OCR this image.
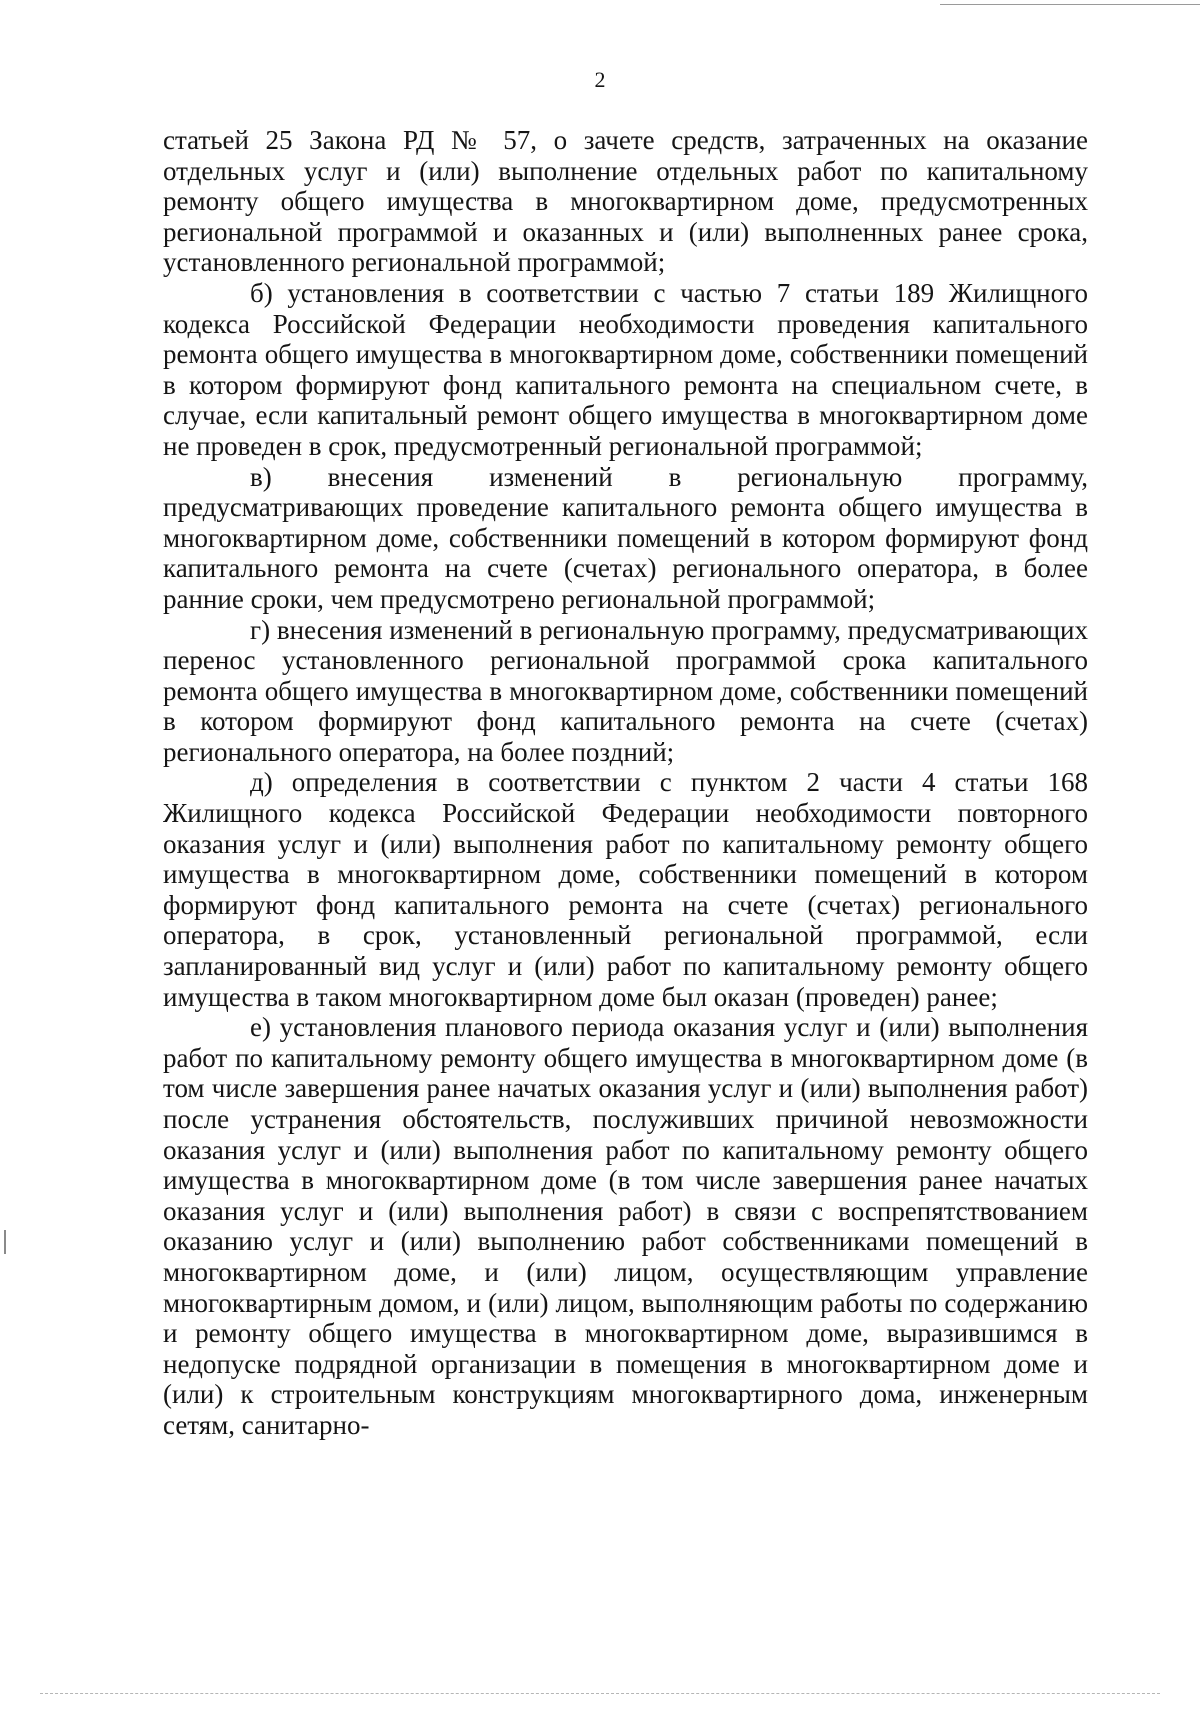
2

статьей 25 Закона РД № 57, о зачете средств, затраченных на оказание отдельных услуг и (или) выполнение отдельных работ по капитальному ремонту общего имущества в многоквартирном доме, предусмотренных региональной программой и оказанных и (или) выполненных ранее срока, установленного региональной программой;

б) установления в соответствии с частью 7 статьи 189 Жилищного кодекса Российской Федерации необходимости проведения капитального ремонта общего имущества в многоквартирном доме, собственники помещений в котором формируют фонд капитального ремонта на специальном счете, в случае, если капитальный ремонт общего имущества в многоквартирном доме не проведен в срок, предусмотренный региональной программой;

в) внесения изменений в региональную программу, предусматривающих проведение капитального ремонта общего имущества в многоквартирном доме, собственники помещений в котором формируют фонд капитального ремонта на счете (счетах) регионального оператора, в более ранние сроки, чем предусмотрено региональной программой;

г) внесения изменений в региональную программу, предусматривающих перенос установленного региональной программой срока капитального ремонта общего имущества в многоквартирном доме, собственники помещений в котором формируют фонд капитального ремонта на счете (счетах) регионального оператора, на более поздний;

д) определения в соответствии с пунктом 2 части 4 статьи 168 Жилищного кодекса Российской Федерации необходимости повторного оказания услуг и (или) выполнения работ по капитальному ремонту общего имущества в многоквартирном доме, собственники помещений в котором формируют фонд капитального ремонта на счете (счетах) регионального оператора, в срок, установленный региональной программой, если запланированный вид услуг и (или) работ по капитальному ремонту общего имущества в таком многоквартирном доме был оказан (проведен) ранее;

е) установления планового периода оказания услуг и (или) выполнения работ по капитальному ремонту общего имущества в многоквартирном доме (в том числе завершения ранее начатых оказания услуг и (или) выполнения работ) после устранения обстоятельств, послуживших причиной невозможности оказания услуг и (или) выполнения работ по капитальному ремонту общего имущества в многоквартирном доме (в том числе завершения ранее начатых оказания услуг и (или) выполнения работ) в связи с воспрепятствованием оказанию услуг и (или) выполнению работ собственниками помещений в многоквартирном доме, и (или) лицом, осуществляющим управление многоквартирным домом, и (или) лицом, выполняющим работы по содержанию и ремонту общего имущества в многоквартирном доме, выразившимся в недопуске подрядной организации в помещения в многоквартирном доме и (или) к строительным конструкциям многоквартирного дома, инженерным сетям, санитарно-
